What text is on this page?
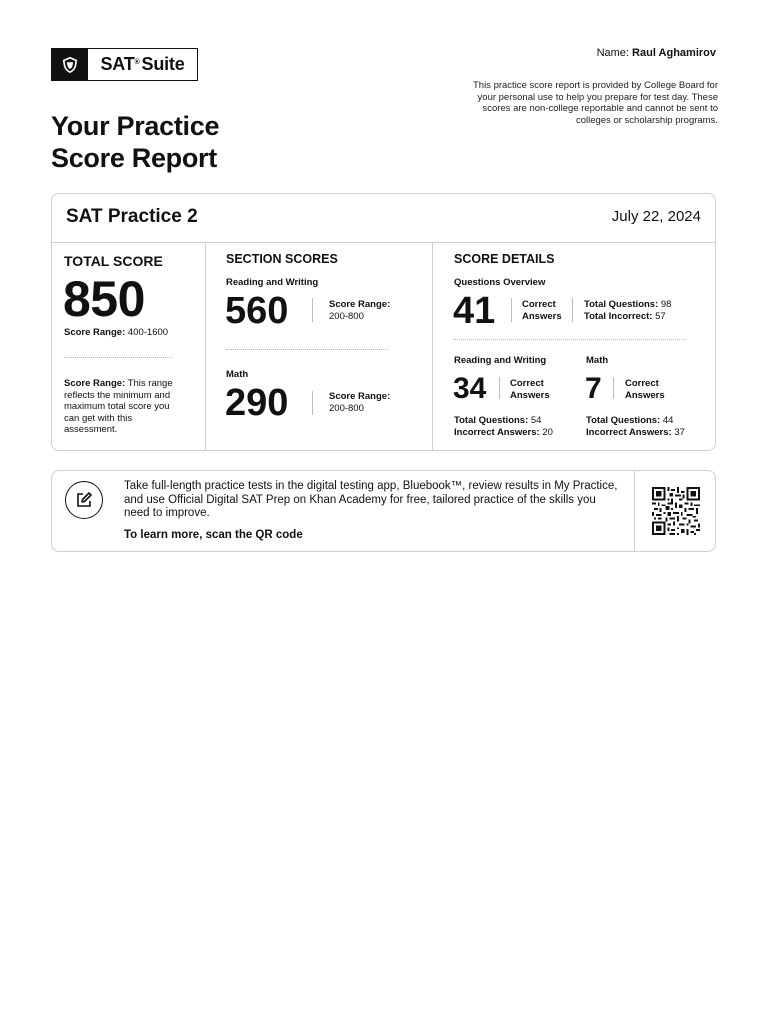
SAT® Suite
Your Practice
Score Report
Name: Raul Aghamirov
This practice score report is provided by College Board for your personal use to help you prepare for test day. These scores are non-college reportable and cannot be sent to colleges or scholarship programs.
SAT Practice 2	July 22, 2024
TOTAL SCORE
850
Score Range: 400-1600
Score Range: This range reflects the minimum and maximum total score you can get with this assessment.
SECTION SCORES
Reading and Writing
560	Score Range:
200-800
Math
290	Score Range:
200-800
SCORE DETAILS
Questions Overview
41	Correct
Answers
Total Questions: 98
Total Incorrect: 57
Reading and Writing
34 Correct
Answers
Total Questions: 54
Incorrect Answers: 20
Math
7 Correct
Answers
Total Questions: 44
Incorrect Answers: 37
Take full-length practice tests in the digital testing app, Bluebook™, review results in My Practice, and use Official Digital SAT Prep on Khan Academy for free, tailored practice of the skills you need to improve.
To learn more, scan the QR code
